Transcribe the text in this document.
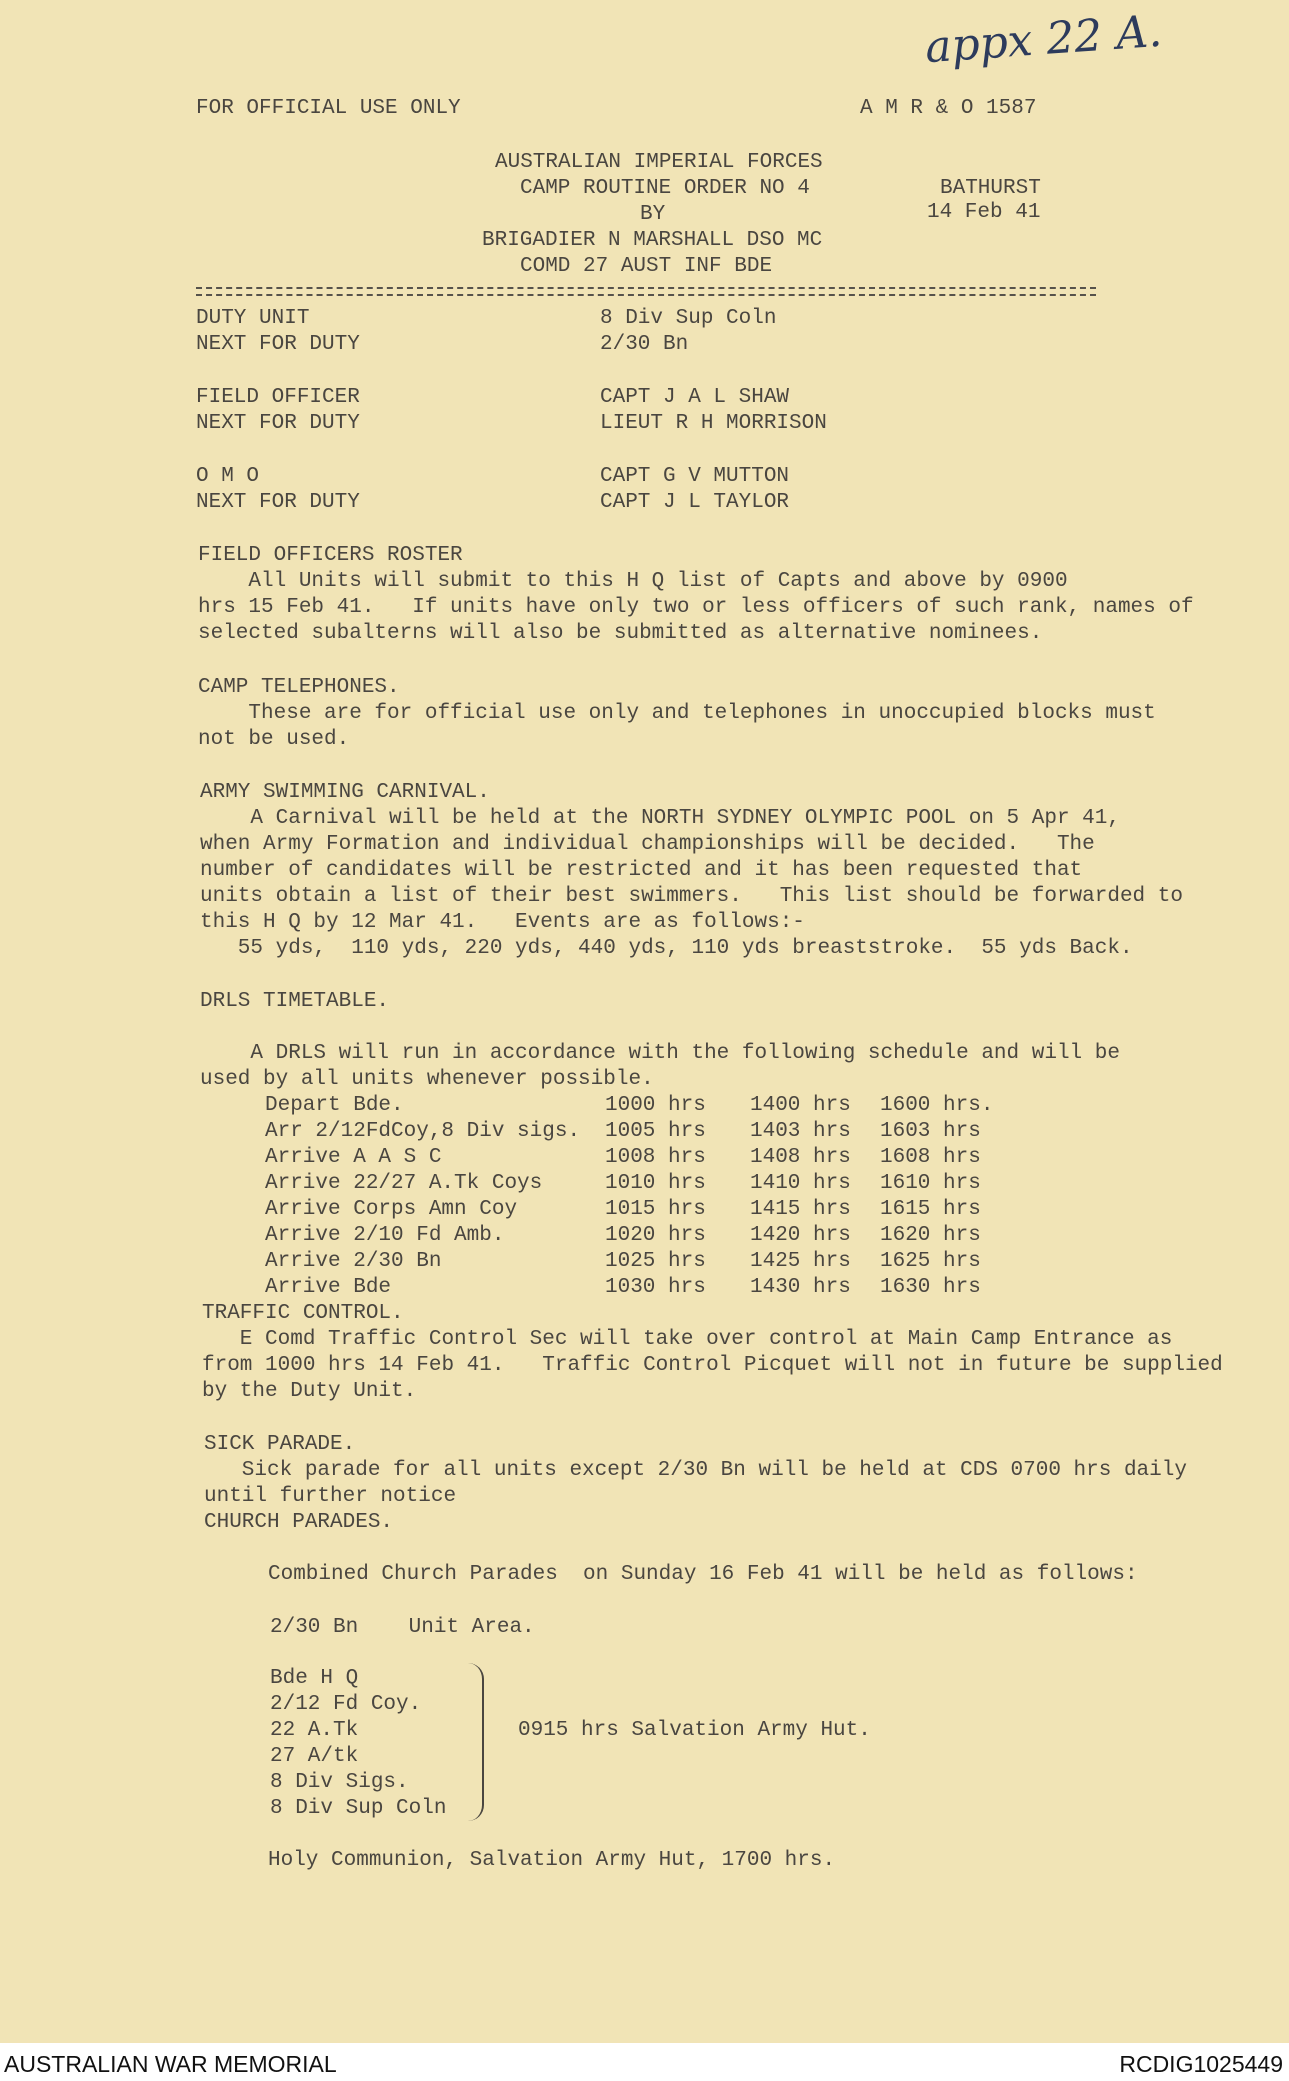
appx 22 A.
FOR OFFICIAL USE ONLY	A M R & O 1587
AUSTRALIAN IMPERIAL FORCES
CAMP ROUTINE ORDER NO 4
BY
BRIGADIER N MARSHALL DSO MC
COMD 27 AUST INF BDE
BATHURST
14 Feb 41
DUTY UNIT	8 Div Sup Coln
NEXT FOR DUTY	2/30 Bn
FIELD OFFICER	CAPT J A L SHAW
NEXT FOR DUTY	LIEUT R H MORRISON
O M O	CAPT G V MUTTON
NEXT FOR DUTY	CAPT J L TAYLOR
FIELD OFFICERS ROSTER
All Units will submit to this H Q list of Capts and above by 0900
hrs 15 Feb 41.   If units have only two or less officers of such rank, names of
selected subalterns will also be submitted as alternative nominees.
CAMP TELEPHONES.
These are for official use only and telephones in unoccupied blocks must
not be used.
ARMY SWIMMING CARNIVAL.
A Carnival will be held at the NORTH SYDNEY OLYMPIC POOL on 5 Apr 41,
when Army Formation and individual championships will be decided.   The
number of candidates will be restricted and it has been requested that
units obtain a list of their best swimmers.   This list should be forwarded to
this H Q by 12 Mar 41.   Events are as follows:-
55 yds,  110 yds, 220 yds, 440 yds, 110 yds breaststroke.  55 yds Back.
DRLS TIMETABLE.
A DRLS will run in accordance with the following schedule and will be
used by all units whenever possible.
Depart Bde.	1000 hrs 1400 hrs 1600 hrs.
Arr 2/12FdCoy,8 Div sigs. 1005 hrs 1403 hrs 1603 hrs
Arrive A A S C	1008 hrs 1408 hrs 1608 hrs
Arrive 22/27 A.Tk Coys	1010 hrs 1410 hrs 1610 hrs
Arrive Corps Amn Coy	1015 hrs 1415 hrs 1615 hrs
Arrive 2/10 Fd Amb.	1020 hrs 1420 hrs 1620 hrs
Arrive 2/30 Bn	1025 hrs 1425 hrs 1625 hrs
Arrive Bde	1030 hrs 1430 hrs 1630 hrs
TRAFFIC CONTROL.
E Comd Traffic Control Sec will take over control at Main Camp Entrance as
from 1000 hrs 14 Feb 41.   Traffic Control Picquet will not in future be supplied
by the Duty Unit.
SICK PARADE.
Sick parade for all units except 2/30 Bn will be held at CDS 0700 hrs daily
until further notice
CHURCH PARADES.
Combined Church Parades  on Sunday 16 Feb 41 will be held as follows:
2/30 Bn    Unit Area.
Bde H Q
2/12 Fd Coy.
22 A.Tk
27 A/tk
8 Div Sigs.
8 Div Sup Coln
0915 hrs Salvation Army Hut.
Holy Communion, Salvation Army Hut, 1700 hrs.
AUSTRALIAN WAR MEMORIAL	RCDIG1025449
